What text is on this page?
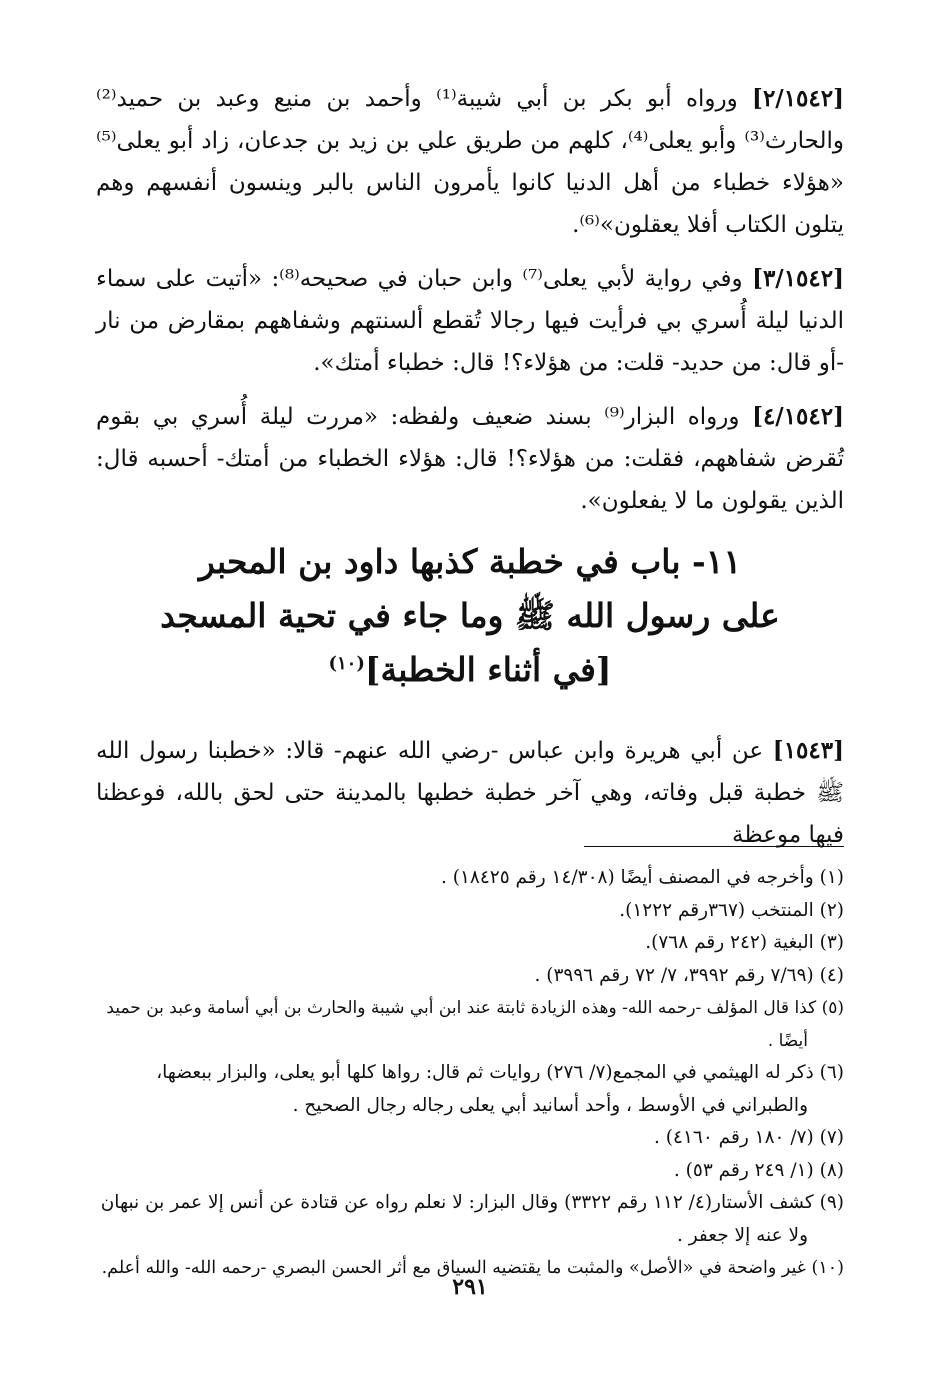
[٢/١٥٤٢] ورواه أبو بكر بن أبي شيبة⁽¹⁾ وأحمد بن منيع وعبد بن حميد⁽²⁾ والحارث⁽³⁾ وأبو يعلى⁽⁴⁾، كلهم من طريق علي بن زيد بن جدعان، زاد أبو يعلى⁽⁵⁾ «هؤلاء خطباء من أهل الدنيا كانوا يأمرون الناس بالبر وينسون أنفسهم وهم يتلون الكتاب أفلا يعقلون»⁽⁶⁾.

[٣/١٥٤٢] وفي رواية لأبي يعلى⁽⁷⁾ وابن حبان في صحيحه⁽⁸⁾: «أتيت على سماء الدنيا ليلة أُسري بي فرأيت فيها رجالا تُقطع ألسنتهم وشفاههم بمقارض من نار -أو قال: من حديد- قلت: من هؤلاء؟! قال: خطباء أمتك».

[٤/١٥٤٢] ورواه البزار⁽⁹⁾ بسند ضعيف ولفظه: «مررت ليلة أُسري بي بقوم تُقرض شفاههم، فقلت: من هؤلاء؟! قال: هؤلاء الخطباء من أمتك- أحسبه قال: الذين يقولون ما لا يفعلون».

١١- باب في خطبة كذبها داود بن المحبر

على رسول الله ﷺ وما جاء في تحية المسجد

[في أثناء الخطبة]$^{(١٠)}$

[١٥٤٣] عن أبي هريرة وابن عباس -رضي الله عنهم- قالا: «خطبنا رسول الله ﷺ خطبة قبل وفاته، وهي آخر خطبة خطبها بالمدينة حتى لحق بالله، فوعظنا فيها موعظة
(١) وأخرجه في المصنف أيضًا (١٤/٣٠٨ رقم ١٨٤٢٥) .
(٢) المنتخب (٣٦٧رقم ١٢٢٢).
(٣) البغية (٢٤٢ رقم ٧٦٨).
(٤) (٧/٦٩ رقم ٣٩٩٢، ٧/ ٧٢ رقم ٣٩٩٦) .
(٥) كذا قال المؤلف -رحمه الله- وهذه الزيادة ثابتة عند ابن أبي شيبة والحارث بن أبي أسامة وعبد بن حميد أيضًا .
(٦) ذكر له الهيثمي في المجمع(٧/ ٢٧٦) روايات ثم قال: رواها كلها أبو يعلى، والبزار ببعضها، والطبراني في الأوسط ، وأحد أسانيد أبي يعلى رجاله رجال الصحيح .
(٧) (٧/ ١٨٠ رقم ٤١٦٠) .
(٨) (١/ ٢٤٩ رقم ٥٣) .
(٩) كشف الأستار(٤/ ١١٢ رقم ٣٣٢٢) وقال البزار: لا نعلم رواه عن قتادة عن أنس إلا عمر بن نبهان ولا عنه إلا جعفر .
(١٠) غير واضحة في «الأصل» والمثبت ما يقتضيه السياق مع أثر الحسن البصري -رحمه الله- والله أعلم.
٢٩١
